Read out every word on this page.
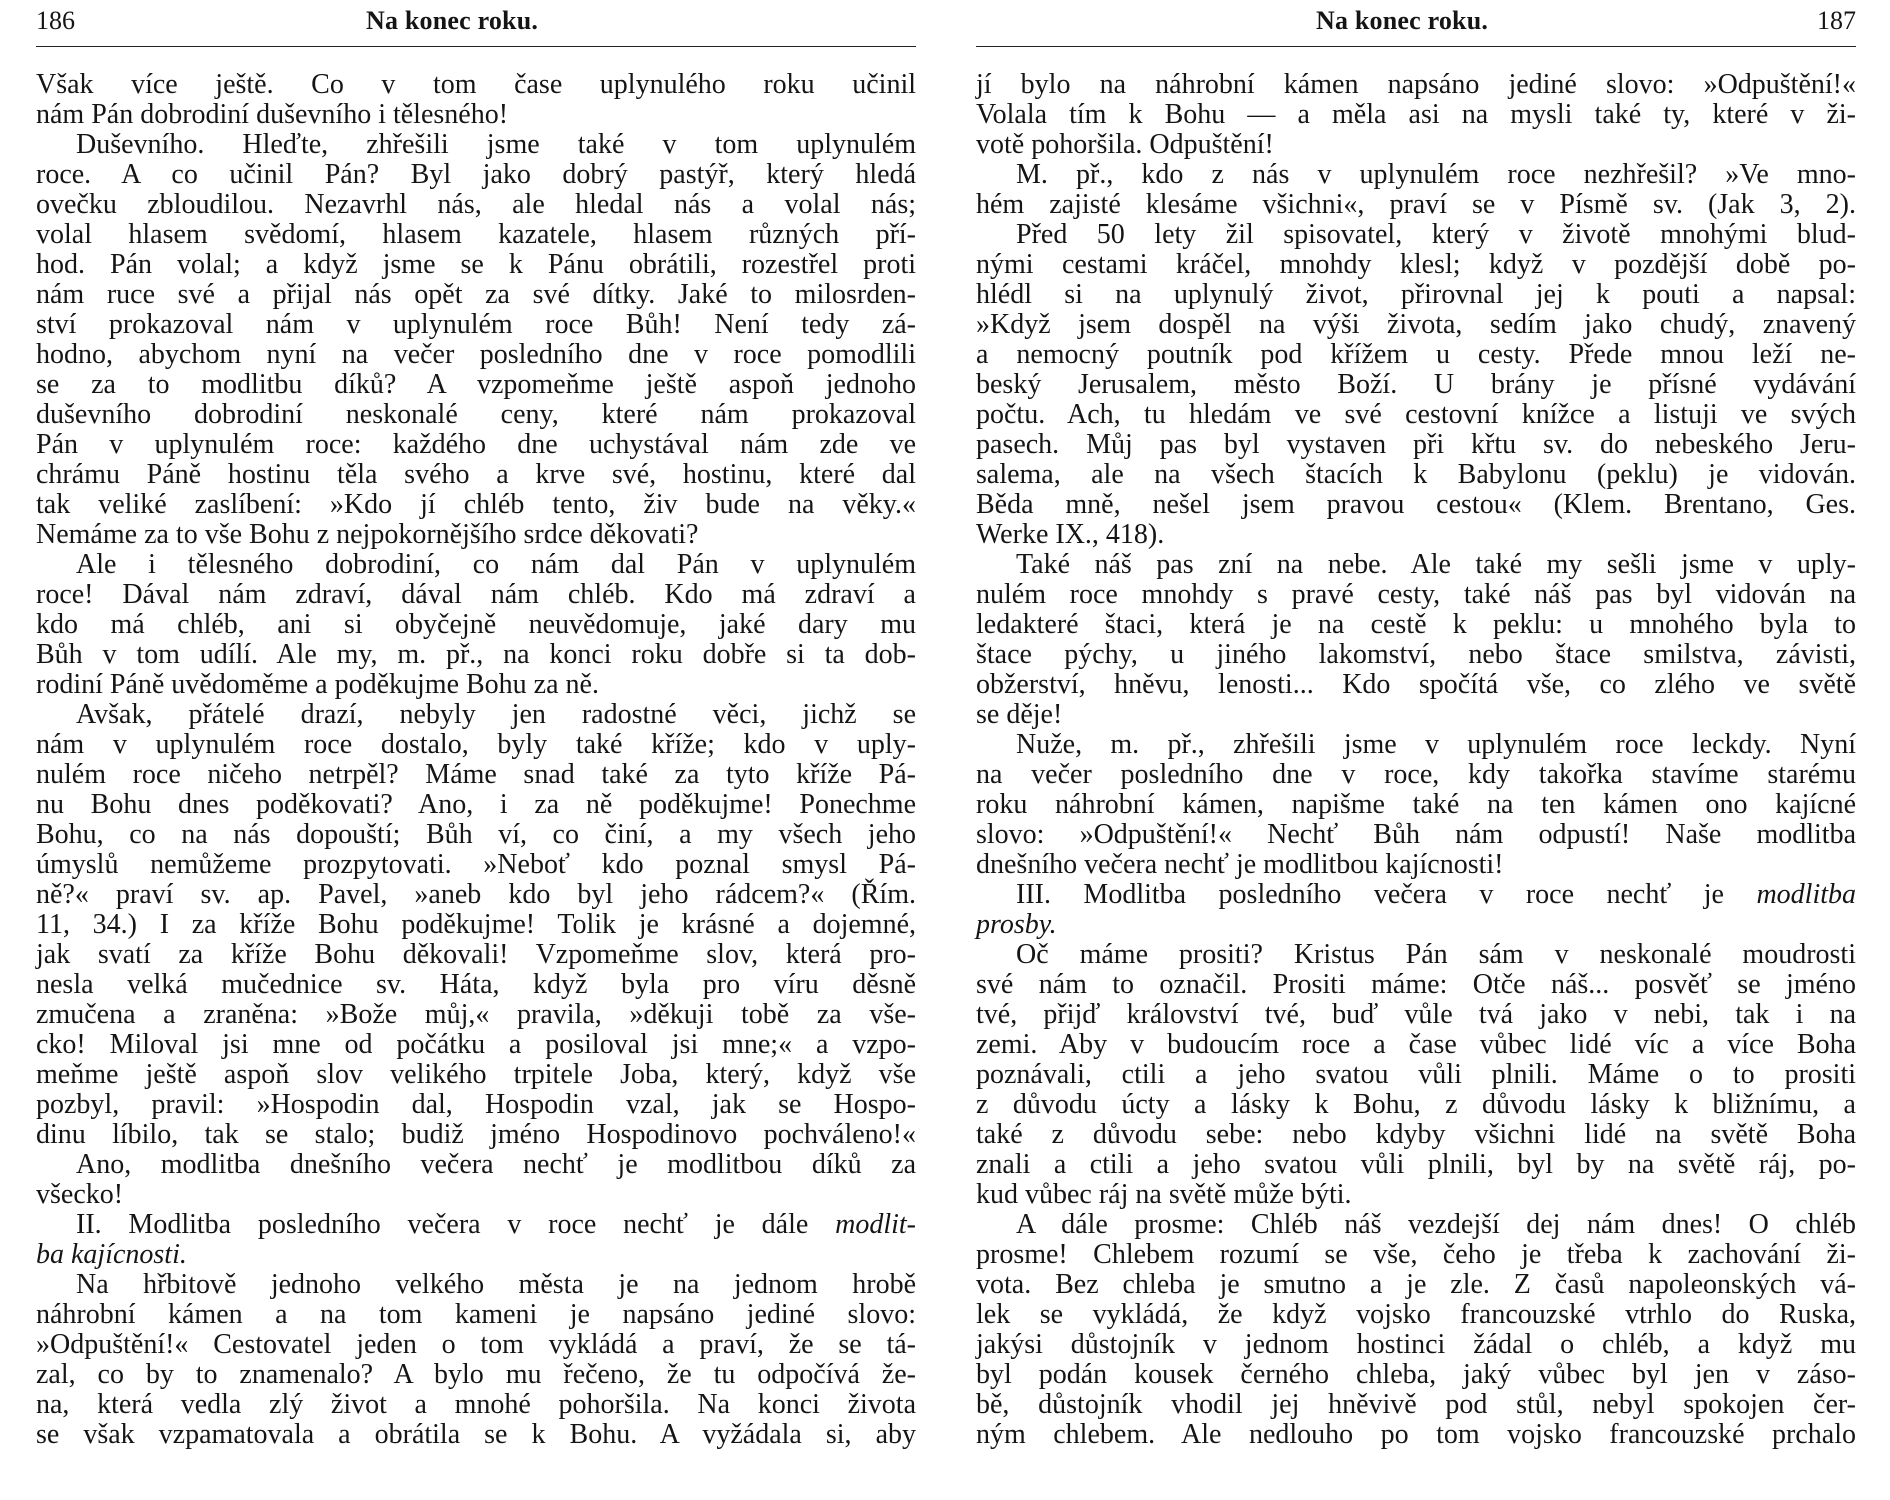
186	Na konec roku.
Však více ještě. Co v tom čase uplynulého roku učinil
nám Pán dobrodiní duševního i tělesného!
Duševního. Hleďte, zhřešili jsme také v tom uplynulém
roce. A co učinil Pán? Byl jako dobrý pastýř, který hledá
ovečku zbloudilou. Nezavrhl nás, ale hledal nás a volal nás;
volal hlasem svědomí, hlasem kazatele, hlasem různých pří-
hod. Pán volal; a když jsme se k Pánu obrátili, rozestřel proti
nám ruce své a přijal nás opět za své dítky. Jaké to milosrden-
ství prokazoval nám v uplynulém roce Bůh! Není tedy zá-
hodno, abychom nyní na večer posledního dne v roce pomodlili
se za to modlitbu díků? A vzpomeňme ještě aspoň jednoho
duševního dobrodiní neskonalé ceny, které nám prokazoval
Pán v uplynulém roce: každého dne uchystával nám zde ve
chrámu Páně hostinu těla svého a krve své, hostinu, které dal
tak veliké zaslíbení: »Kdo jí chléb tento, živ bude na věky.«
Nemáme za to vše Bohu z nejpokornějšího srdce děkovati?
Ale i tělesného dobrodiní, co nám dal Pán v uplynulém
roce! Dával nám zdraví, dával nám chléb. Kdo má zdraví a
kdo má chléb, ani si obyčejně neuvědomuje, jaké dary mu
Bůh v tom udílí. Ale my, m. př., na konci roku dobře si ta dob-
rodiní Páně uvědoměme a poděkujme Bohu za ně.
Avšak, přátelé drazí, nebyly jen radostné věci, jichž se
nám v uplynulém roce dostalo, byly také kříže; kdo v uply-
nulém roce ničeho netrpěl? Máme snad také za tyto kříže Pá-
nu Bohu dnes poděkovati? Ano, i za ně poděkujme! Ponechme
Bohu, co na nás dopouští; Bůh ví, co činí, a my všech jeho
úmyslů nemůžeme prozpytovati. »Neboť kdo poznal smysl Pá-
ně?« praví sv. ap. Pavel, »aneb kdo byl jeho rádcem?« (Řím.
11, 34.) I za kříže Bohu poděkujme! Tolik je krásné a dojemné,
jak svatí za kříže Bohu děkovali! Vzpomeňme slov, která pro-
nesla velká mučednice sv. Háta, když byla pro víru děsně
zmučena a zraněna: »Bože můj,« pravila, »děkuji tobě za vše-
cko! Miloval jsi mne od počátku a posiloval jsi mne;« a vzpo-
meňme ještě aspoň slov velikého trpitele Joba, který, když vše
pozbyl, pravil: »Hospodin dal, Hospodin vzal, jak se Hospo-
dinu líbilo, tak se stalo; budiž jméno Hospodinovo pochváleno!«
Ano, modlitba dnešního večera nechť je modlitbou díků za
všecko!
II. Modlitba posledního večera v roce nechť je dále modlit-
ba kajícnosti.
Na hřbitově jednoho velkého města je na jednom hrobě
náhrobní kámen a na tom kameni je napsáno jediné slovo:
»Odpuštění!« Cestovatel jeden o tom vykládá a praví, že se tá-
zal, co by to znamenalo? A bylo mu řečeno, že tu odpočívá že-
na, která vedla zlý život a mnohé pohoršila. Na konci života
se však vzpamatovala a obrátila se k Bohu. A vyžádala si, aby
Na konec roku.	187
jí bylo na náhrobní kámen napsáno jediné slovo: »Odpuštění!«
Volala tím k Bohu — a měla asi na mysli také ty, které v ži-
votě pohoršila. Odpuštění!
M. př., kdo z nás v uplynulém roce nezhřešil? »Ve mno-
hém zajisté klesáme všichni«, praví se v Písmě sv. (Jak 3, 2).
Před 50 lety žil spisovatel, který v životě mnohými blud-
nými cestami kráčel, mnohdy klesl; když v pozdější době po-
hlédl si na uplynulý život, přirovnal jej k pouti a napsal:
»Když jsem dospěl na výši života, sedím jako chudý, znavený
a nemocný poutník pod křížem u cesty. Přede mnou leží ne-
beský Jerusalem, město Boží. U brány je přísné vydávání
počtu. Ach, tu hledám ve své cestovní knížce a listuji ve svých
pasech. Můj pas byl vystaven při křtu sv. do nebeského Jeru-
salema, ale na všech štacích k Babylonu (peklu) je vidován.
Běda mně, nešel jsem pravou cestou« (Klem. Brentano, Ges.
Werke IX., 418).
Také náš pas zní na nebe. Ale také my sešli jsme v uply-
nulém roce mnohdy s pravé cesty, také náš pas byl vidován na
ledakteré štaci, která je na cestě k peklu: u mnohého byla to
štace pýchy, u jiného lakomství, nebo štace smilstva, závisti,
obžerství, hněvu, lenosti... Kdo spočítá vše, co zlého ve světě
se děje!
Nuže, m. př., zhřešili jsme v uplynulém roce leckdy. Nyní
na večer posledního dne v roce, kdy takořka stavíme starému
roku náhrobní kámen, napišme také na ten kámen ono kajícné
slovo: »Odpuštění!« Nechť Bůh nám odpustí! Naše modlitba
dnešního večera nechť je modlitbou kajícnosti!
III. Modlitba posledního večera v roce nechť je modlitba
prosby.
Oč máme prositi? Kristus Pán sám v neskonalé moudrosti
své nám to označil. Prositi máme: Otče náš... posvěť se jméno
tvé, přijď království tvé, buď vůle tvá jako v nebi, tak i na
zemi. Aby v budoucím roce a čase vůbec lidé víc a více Boha
poznávali, ctili a jeho svatou vůli plnili. Máme o to prositi
z důvodu úcty a lásky k Bohu, z důvodu lásky k bližnímu, a
také z důvodu sebe: nebo kdyby všichni lidé na světě Boha
znali a ctili a jeho svatou vůli plnili, byl by na světě ráj, po-
kud vůbec ráj na světě může býti.
A dále prosme: Chléb náš vezdejší dej nám dnes! O chléb
prosme! Chlebem rozumí se vše, čeho je třeba k zachování ži-
vota. Bez chleba je smutno a je zle. Z časů napoleonských vá-
lek se vykládá, že když vojsko francouzské vtrhlo do Ruska,
jakýsi důstojník v jednom hostinci žádal o chléb, a když mu
byl podán kousek černého chleba, jaký vůbec byl jen v záso-
bě, důstojník vhodil jej hněvivě pod stůl, nebyl spokojen čer-
ným chlebem. Ale nedlouho po tom vojsko francouzské prchalo
